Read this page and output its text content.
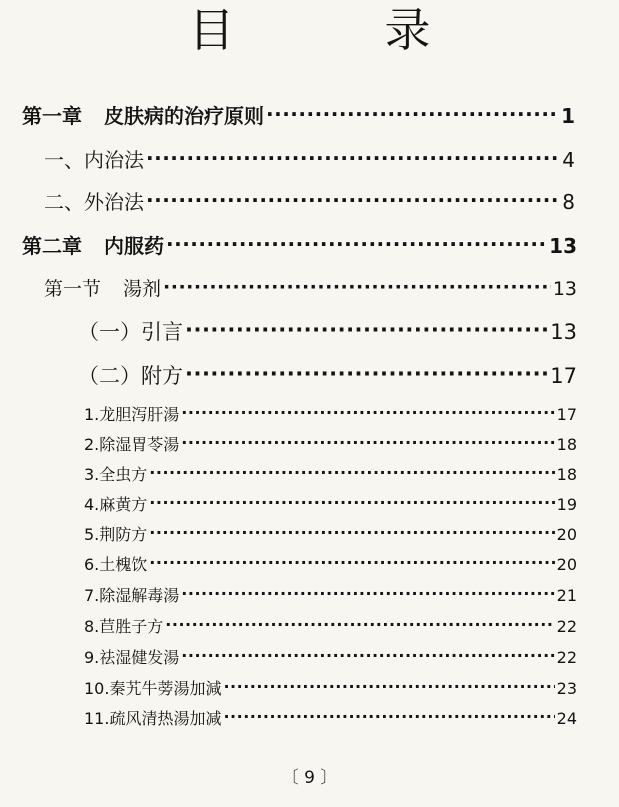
目　录
第一章 皮肤病的治疗原则 ·····	1
一、内治法 ·····	4
二、外治法 ·····	8
第二章 内服药 ·····	13
第一节 湯剂 ·····	13
（一）引言 ·····	13
（二）附方 ·····	17
1.龙胆泻肝湯 ·····	17
2.除湿胃苓湯 ·····	18
3.全虫方 ·····	18
4.麻黄方 ·····	19
5.荆防方 ·····	20
6.土槐饮 ·····	20
7.除湿解毒湯 ·····	21
8.苣胜子方 ·····	22
9.祛湿健发湯 ·····	22
10.秦艽牛蒡湯加減 ·····	23
11.疏风清热湯加减 ·····	24
〔 9 〕
